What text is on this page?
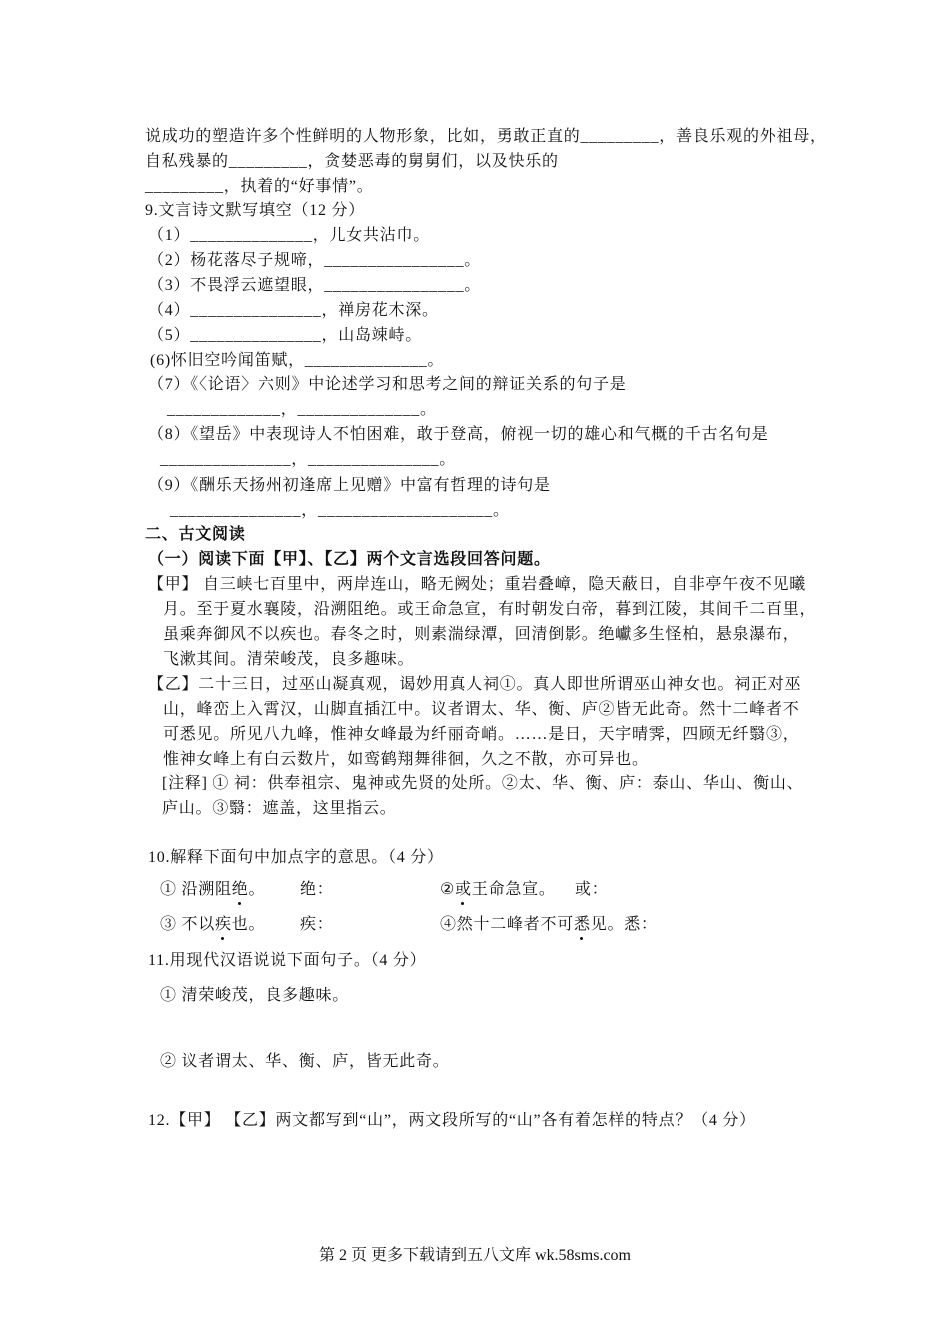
说成功的塑造许多个性鲜明的人物形象，比如，勇敢正直的_________，善良乐观的外祖母，
自私残暴的_________，贪婪恶毒的舅舅们，以及快乐的
_________，执着的“好事情”。
9.文言诗文默写填空（12 分）
（1）______________，儿女共沾巾。
（2）杨花落尽子规啼，________________。
（3）不畏浮云遮望眼，________________。
（4）_______________，禅房花木深。
（5）_______________，山岛竦峙。
(6)怀旧空吟闻笛赋，______________。
（7）《〈论语〉六则》中论述学习和思考之间的辩证关系的句子是
_____________，______________。
（8）《望岳》中表现诗人不怕困难，敢于登高，俯视一切的雄心和气概的千古名句是
_______________，_______________。
（9）《酬乐天扬州初逢席上见赠》中富有哲理的诗句是
_______________，____________________。
二、古文阅读
（一）阅读下面【甲】、【乙】两个文言选段回答问题。
【甲】 自三峡七百里中，两岸连山，略无阙处；重岩叠嶂，隐天蔽日，自非亭午夜不见曦
月。至于夏水襄陵，沿溯阻绝。或王命急宣，有时朝发白帝，暮到江陵，其间千二百里，
虽乘奔御风不以疾也。春冬之时，则素湍绿潭，回清倒影。绝巘多生怪柏，悬泉瀑布，
飞漱其间。清荣峻茂，良多趣味。
【乙】二十三日，过巫山凝真观，谒妙用真人祠①。真人即世所谓巫山神女也。祠正对巫
山，峰峦上入霄汉，山脚直插江中。议者谓太、华、衡、庐②皆无此奇。然十二峰者不
可悉见。所见八九峰，惟神女峰最为纤丽奇峭。……是日，天宇晴霁，四顾无纤翳③，
惟神女峰上有白云数片，如鸾鹤翔舞徘徊，久之不散，亦可异也。
[注释] ① 祠：供奉祖宗、鬼神或先贤的处所。②太、华、衡、庐：泰山、华山、衡山、
庐山。③翳：遮盖，这里指云。
10.解释下面句中加点字的意思。（4 分）
① 沿溯阻绝。 绝：	②或王命急宣。 或：
③ 不以疾也。 疾：	④然十二峰者不可悉见。悉：
11.用现代汉语说说下面句子。（4 分）
① 清荣峻茂，良多趣味。
② 议者谓太、华、衡、庐，皆无此奇。
12.【甲】 【乙】两文都写到“山”，两文段所写的“山”各有着怎样的特点？（4 分）
第 2 页 更多下载请到五八文库 wk.58sms.com
